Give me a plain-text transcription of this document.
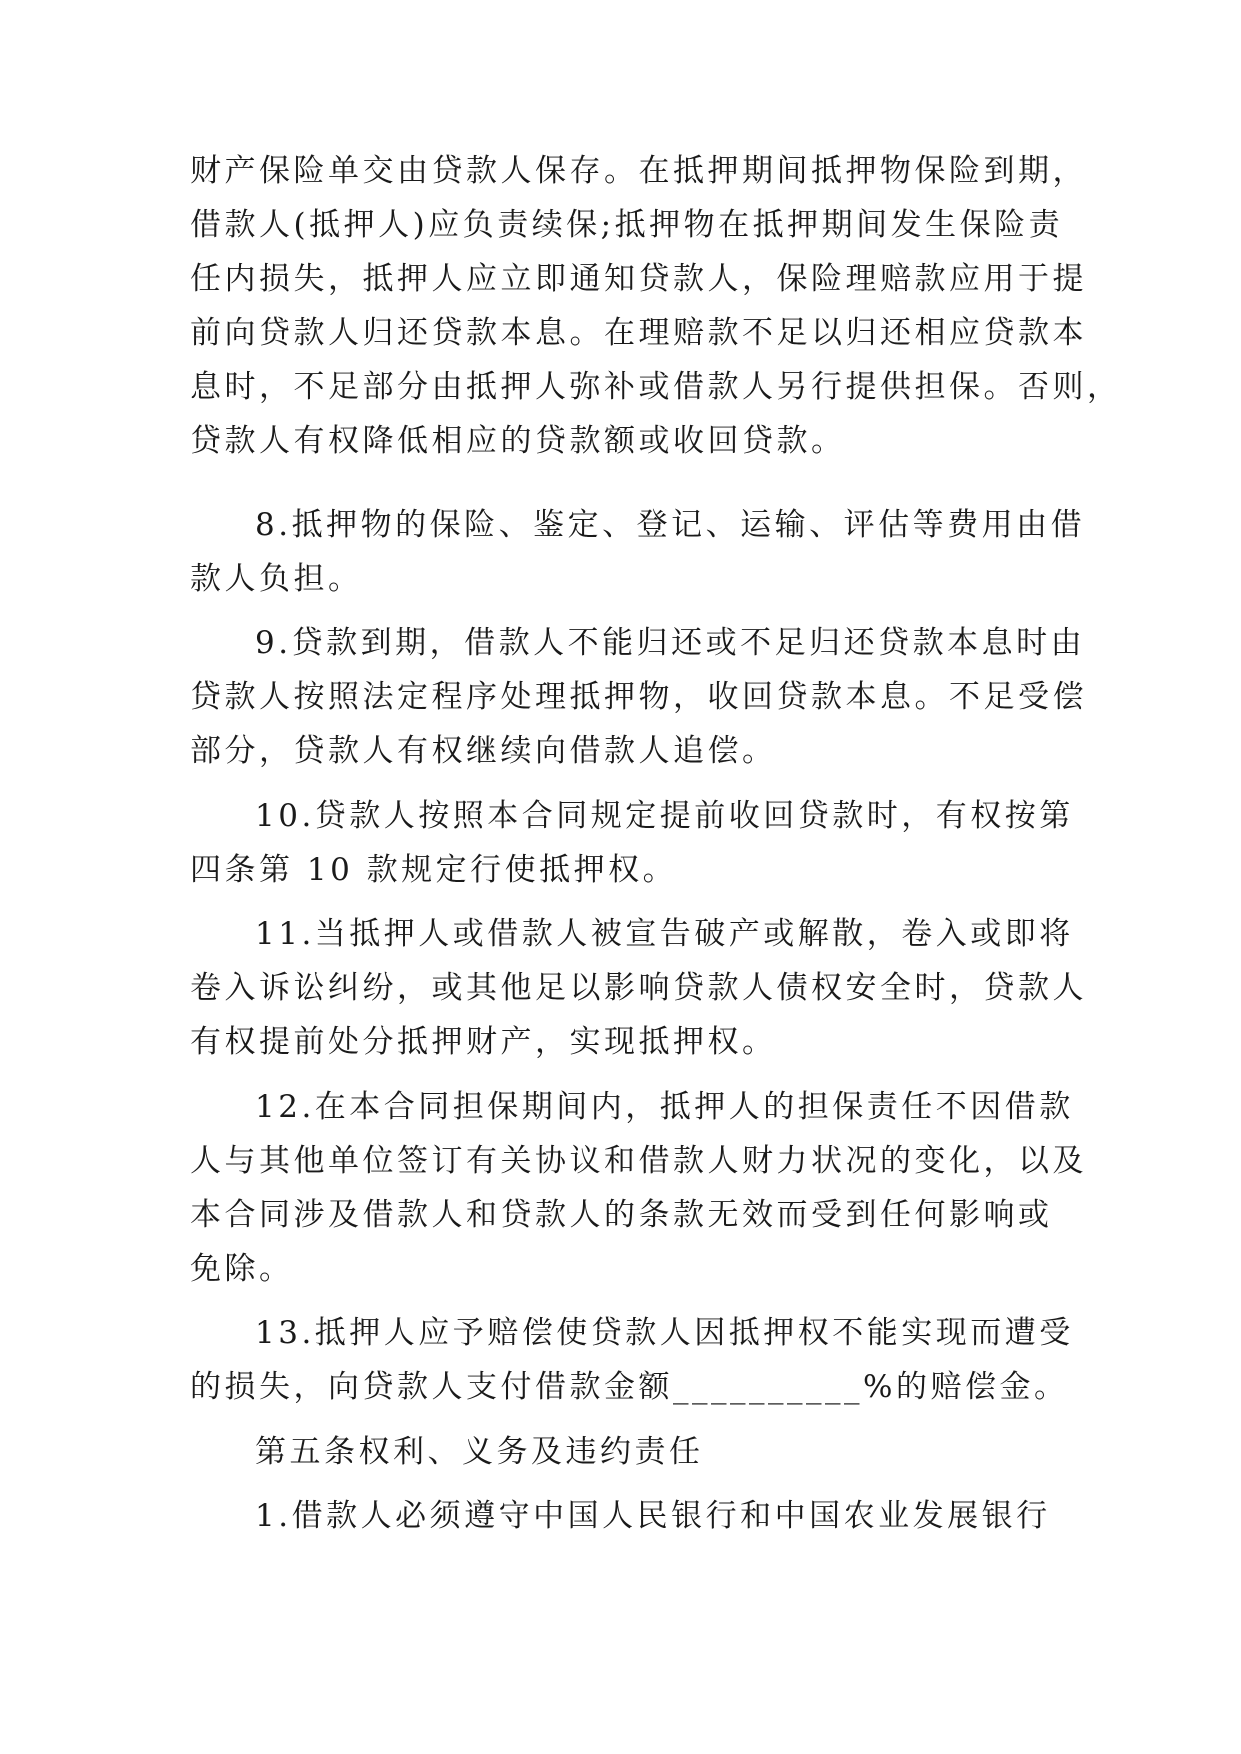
财产保险单交由贷款人保存。在抵押期间抵押物保险到期，
借款人(抵押人)应负责续保;抵押物在抵押期间发生保险责
任内损失，抵押人应立即通知贷款人，保险理赔款应用于提
前向贷款人归还贷款本息。在理赔款不足以归还相应贷款本
息时，不足部分由抵押人弥补或借款人另行提供担保。否则，
贷款人有权降低相应的贷款额或收回贷款。
8.抵押物的保险、鉴定、登记、运输、评估等费用由借
款人负担。
9.贷款到期，借款人不能归还或不足归还贷款本息时由
贷款人按照法定程序处理抵押物，收回贷款本息。不足受偿
部分，贷款人有权继续向借款人追偿。
10.贷款人按照本合同规定提前收回贷款时，有权按第
四条第 10 款规定行使抵押权。
11.当抵押人或借款人被宣告破产或解散，卷入或即将
卷入诉讼纠纷，或其他足以影响贷款人债权安全时，贷款人
有权提前处分抵押财产，实现抵押权。
12.在本合同担保期间内，抵押人的担保责任不因借款
人与其他单位签订有关协议和借款人财力状况的变化，以及
本合同涉及借款人和贷款人的条款无效而受到任何影响或
免除。
13.抵押人应予赔偿使贷款人因抵押权不能实现而遭受
的损失，向贷款人支付借款金额__________%的赔偿金。
第五条权利、义务及违约责任
1.借款人必须遵守中国人民银行和中国农业发展银行
